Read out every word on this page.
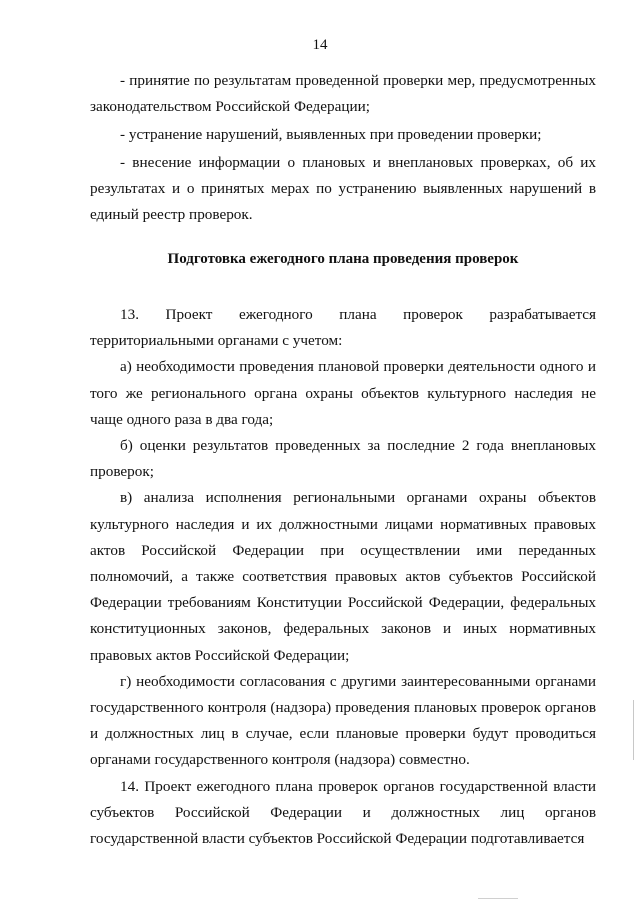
14

- принятие по результатам проведенной проверки мер, предусмотренных законодательством Российской Федерации;

- устранение нарушений, выявленных при проведении проверки;

- внесение информации о плановых и внеплановых проверках, об их результатах и о принятых мерах по устранению выявленных нарушений в единый реестр проверок.

Подготовка ежегодного плана проведения проверок

13. Проект ежегодного плана проверок разрабатывается территориальными органами с учетом:

а) необходимости проведения плановой проверки деятельности одного и того же регионального органа охраны объектов культурного наследия не чаще одного раза в два года;

б) оценки результатов проведенных за последние 2 года внеплановых проверок;

в) анализа исполнения региональными органами охраны объектов культурного наследия и их должностными лицами нормативных правовых актов Российской Федерации при осуществлении ими переданных полномочий, а также соответствия правовых актов субъектов Российской Федерации требованиям Конституции Российской Федерации, федеральных конституционных законов, федеральных законов и иных нормативных правовых актов Российской Федерации;

г) необходимости согласования с другими заинтересованными органами государственного контроля (надзора) проведения плановых проверок органов и должностных лиц в случае, если плановые проверки будут проводиться органами государственного контроля (надзора) совместно.

14. Проект ежегодного плана проверок органов государственной власти субъектов Российской Федерации и должностных лиц органов государственной власти субъектов Российской Федерации подготавливается
